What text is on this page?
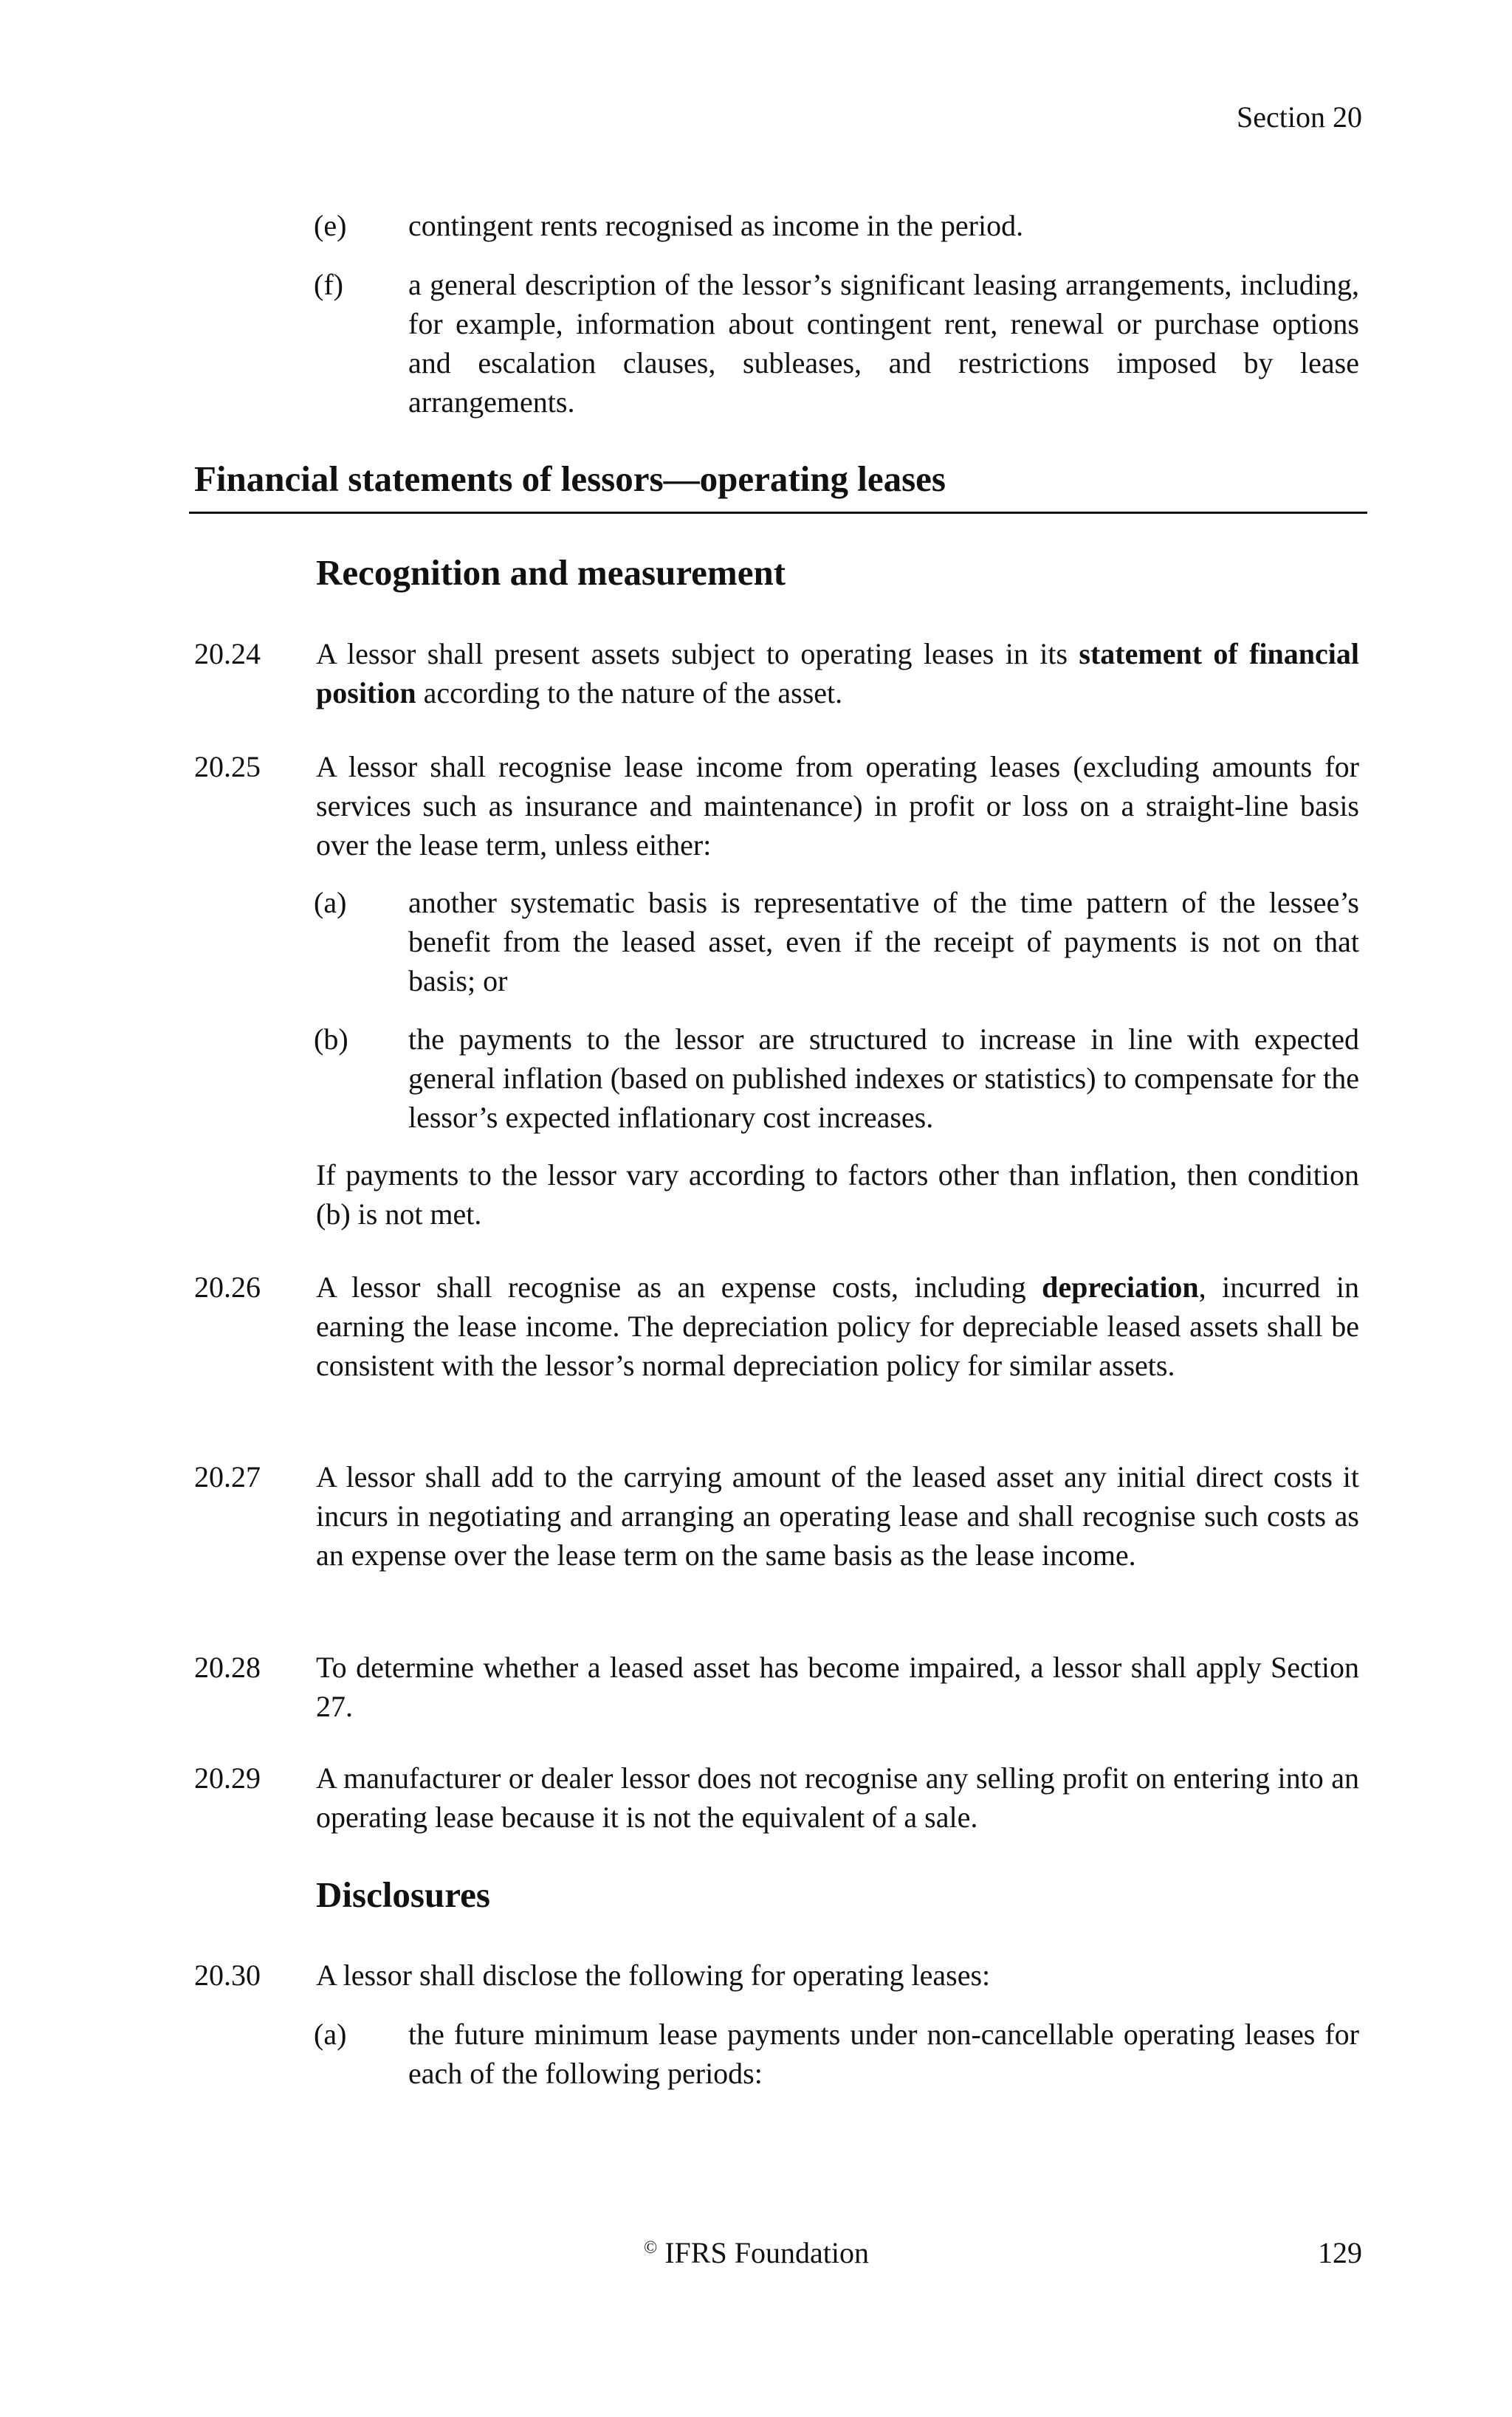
Section 20
(e) contingent rents recognised as income in the period.
(f) a general description of the lessor’s significant leasing arrangements, including, for example, information about contingent rent, renewal or purchase options and escalation clauses, subleases, and restrictions imposed by lease arrangements.
Financial statements of lessors—operating leases
Recognition and measurement
20.24 A lessor shall present assets subject to operating leases in its statement of financial position according to the nature of the asset.
20.25 A lessor shall recognise lease income from operating leases (excluding amounts for services such as insurance and maintenance) in profit or loss on a straight-line basis over the lease term, unless either:
(a) another systematic basis is representative of the time pattern of the lessee’s benefit from the leased asset, even if the receipt of payments is not on that basis; or
(b) the payments to the lessor are structured to increase in line with expected general inflation (based on published indexes or statistics) to compensate for the lessor’s expected inflationary cost increases.
If payments to the lessor vary according to factors other than inflation, then condition (b) is not met.
20.26 A lessor shall recognise as an expense costs, including depreciation, incurred in earning the lease income. The depreciation policy for depreciable leased assets shall be consistent with the lessor’s normal depreciation policy for similar assets.
20.27 A lessor shall add to the carrying amount of the leased asset any initial direct costs it incurs in negotiating and arranging an operating lease and shall recognise such costs as an expense over the lease term on the same basis as the lease income.
20.28 To determine whether a leased asset has become impaired, a lessor shall apply Section 27.
20.29 A manufacturer or dealer lessor does not recognise any selling profit on entering into an operating lease because it is not the equivalent of a sale.
Disclosures
20.30 A lessor shall disclose the following for operating leases:
(a) the future minimum lease payments under non-cancellable operating leases for each of the following periods:
© IFRS Foundation	129
